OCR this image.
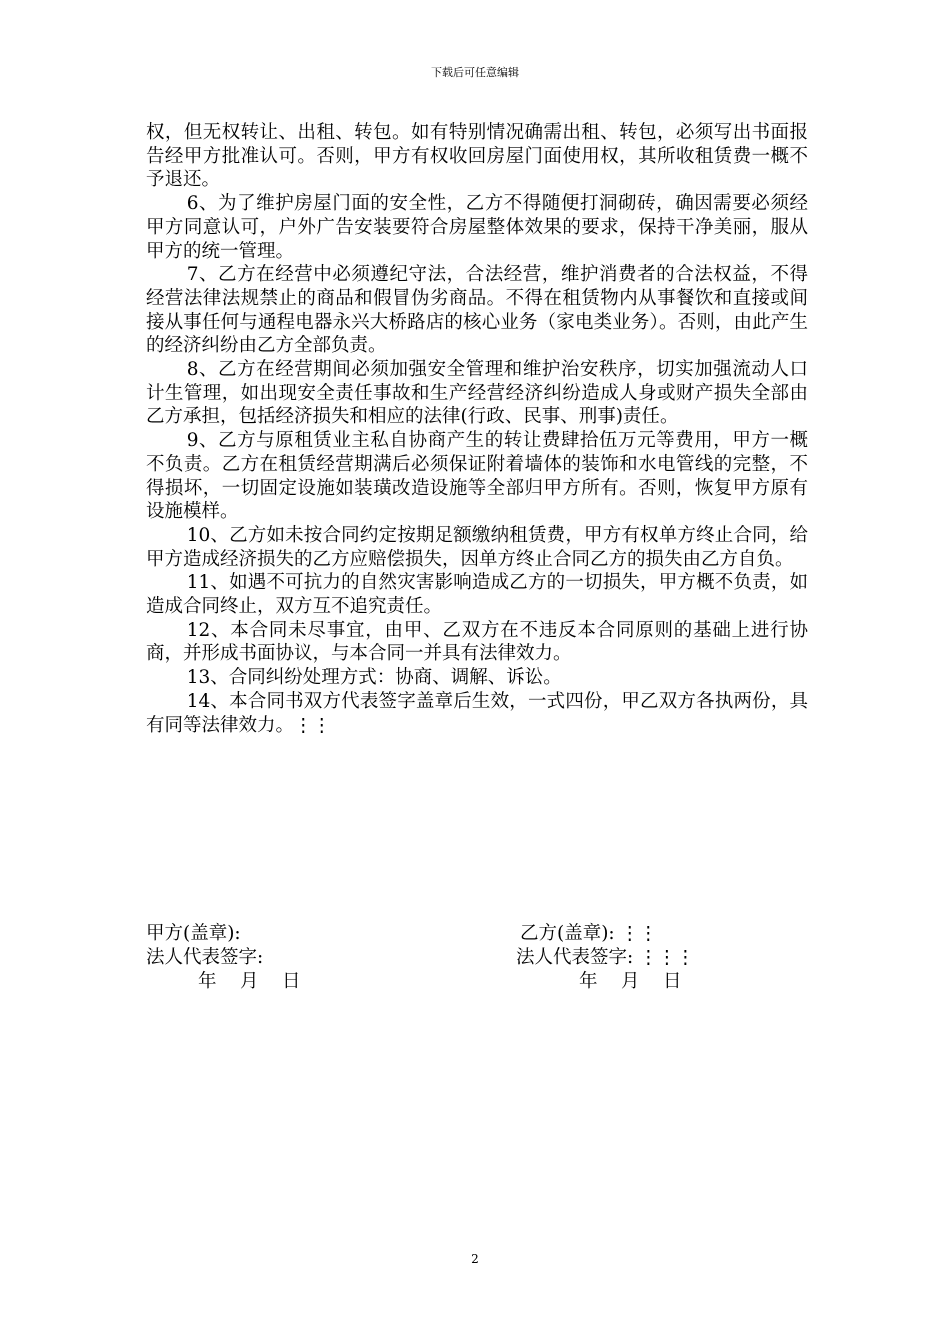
下载后可任意编辑

权，但无权转让、出租、转包。如有特别情况确需出租、转包，必须写出书面报告经甲方批准认可。否则，甲方有权收回房屋门面使用权，其所收租赁费一概不予退还。

6、为了维护房屋门面的安全性，乙方不得随便打洞砌砖，确因需要必须经甲方同意认可，户外广告安装要符合房屋整体效果的要求，保持干净美丽，服从甲方的统一管理。

7、乙方在经营中必须遵纪守法，合法经营，维护消费者的合法权益，不得经营法律法规禁止的商品和假冒伪劣商品。不得在租赁物内从事餐饮和直接或间接从事任何与通程电器永兴大桥路店的核心业务（家电类业务）。否则，由此产生的经济纠纷由乙方全部负责。

8、乙方在经营期间必须加强安全管理和维护治安秩序，切实加强流动人口计生管理，如出现安全责任事故和生产经营经济纠纷造成人身或财产损失全部由乙方承担，包括经济损失和相应的法律(行政、民事、刑事)责任。

9、乙方与原租赁业主私自协商产生的转让费肆拾伍万元等费用，甲方一概不负责。乙方在租赁经营期满后必须保证附着墙体的装饰和水电管线的完整，不得损坏，一切固定设施如装璜改造设施等全部归甲方所有。否则，恢复甲方原有设施模样。

10、乙方如未按合同约定按期足额缴纳租赁费，甲方有权单方终止合同，给甲方造成经济损失的乙方应赔偿损失，因单方终止合同乙方的损失由乙方自负。

11、如遇不可抗力的自然灾害影响造成乙方的一切损失，甲方概不负责，如造成合同终止，双方互不追究责任。

12、本合同未尽事宜，由甲、乙双方在不违反本合同原则的基础上进行协商，并形成书面协议，与本合同一并具有法律效力。

13、合同纠纷处理方式：协商、调解、诉讼。

14、本合同书双方代表签字盖章后生效，一式四份，甲乙双方各执两份，具有同等法律效力。⋮⋮

甲方(盖章):
法人代表签字:
年    月    日
乙方(盖章): ⋮⋮
法人代表签字: ⋮⋮⋮
年    月    日
2
